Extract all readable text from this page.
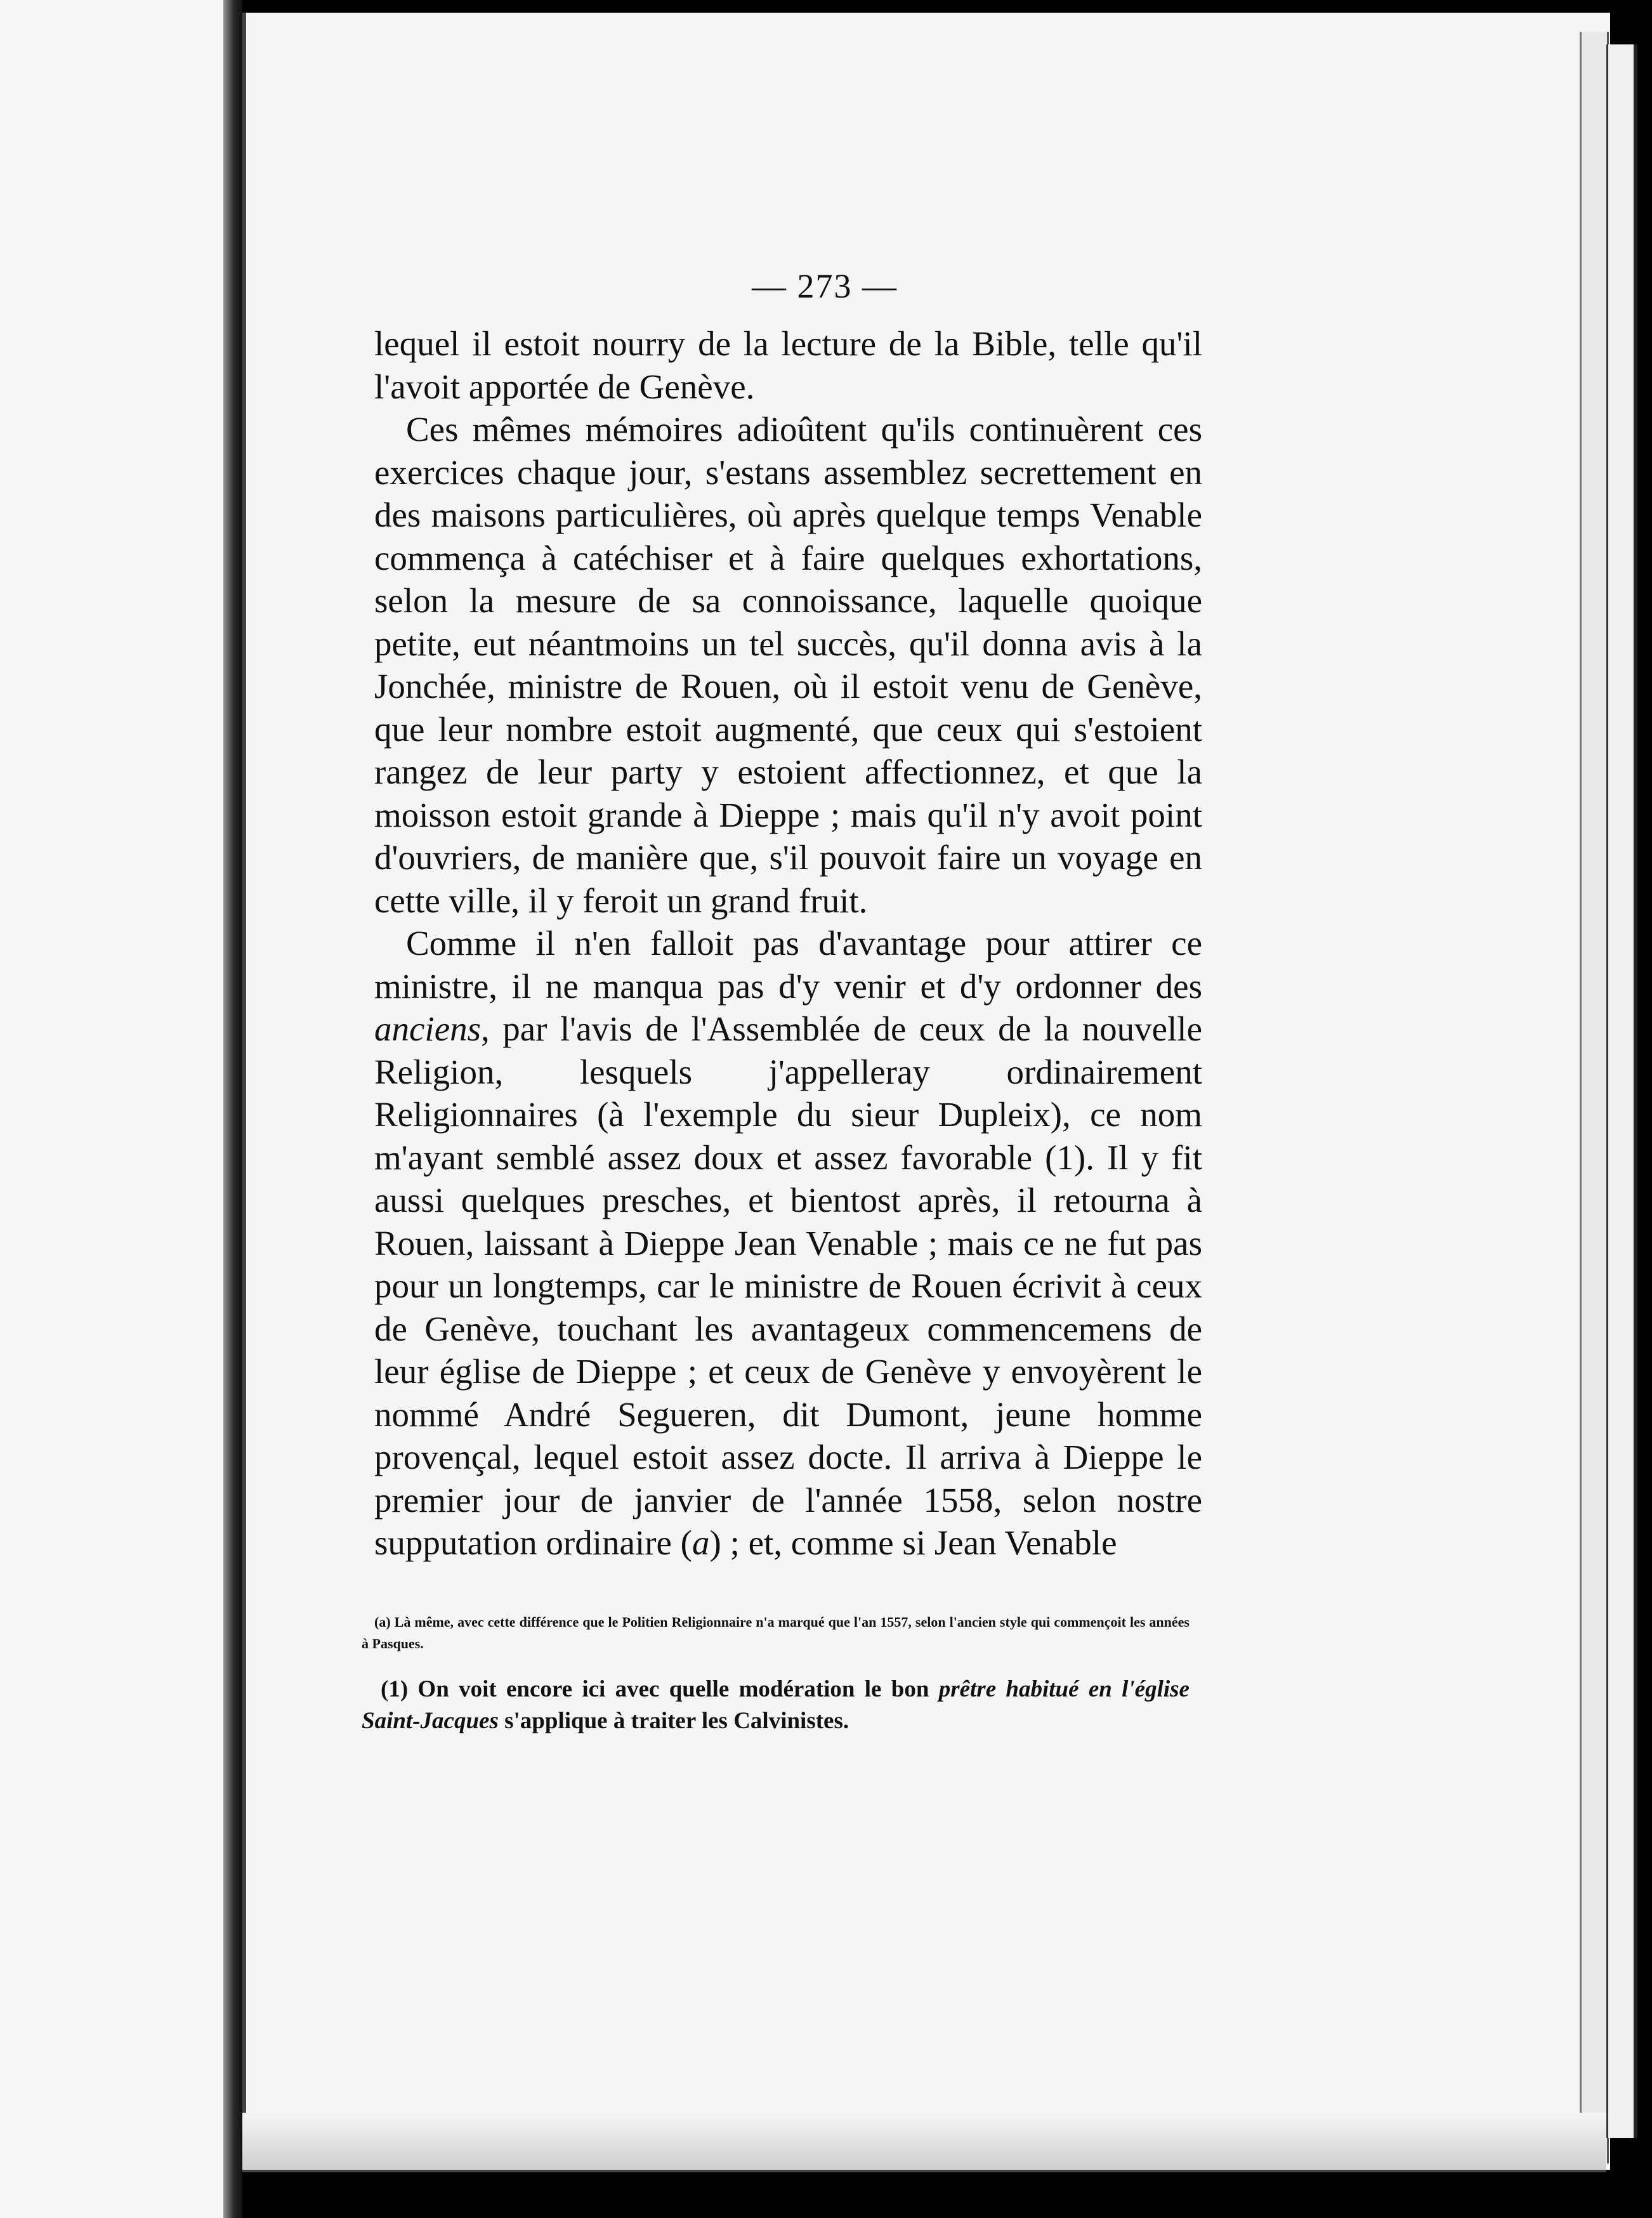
— 273 —

lequel il estoit nourry de la lecture de la Bible, telle qu'il l'avoit apportée de Genève.

Ces mêmes mémoires adioûtent qu'ils continuèrent ces exercices chaque jour, s'estans assemblez secrettement en des maisons particulières, où après quelque temps Venable commença à catéchiser et à faire quelques exhortations, selon la mesure de sa connoissance, laquelle quoique petite, eut néantmoins un tel succès, qu'il donna avis à la Jonchée, ministre de Rouen, où il estoit venu de Genève, que leur nombre estoit augmenté, que ceux qui s'estoient rangez de leur party y estoient affectionnez, et que la moisson estoit grande à Dieppe ; mais qu'il n'y avoit point d'ouvriers, de manière que, s'il pouvoit faire un voyage en cette ville, il y feroit un grand fruit.

Comme il n'en falloit pas d'avantage pour attirer ce ministre, il ne manqua pas d'y venir et d'y ordonner des anciens, par l'avis de l'Assemblée de ceux de la nouvelle Religion, lesquels j'appelleray ordinairement Religionnaires (à l'exemple du sieur Dupleix), ce nom m'ayant semblé assez doux et assez favorable (1). Il y fit aussi quelques presches, et bientost après, il retourna à Rouen, laissant à Dieppe Jean Venable ; mais ce ne fut pas pour un longtemps, car le ministre de Rouen écrivit à ceux de Genève, touchant les avantageux commencemens de leur église de Dieppe ; et ceux de Genève y envoyèrent le nommé André Segueren, dit Dumont, jeune homme provençal, lequel estoit assez docte. Il arriva à Dieppe le premier jour de janvier de l'année 1558, selon nostre supputation ordinaire (a) ; et, comme si Jean Venable

(a) Là même, avec cette différence que le Politien Religionnaire n'a marqué que l'an 1557, selon l'ancien style qui commençoit les années à Pasques.

(1) On voit encore ici avec quelle modération le bon prêtre habitué en l'église Saint-Jacques s'applique à traiter les Calvinistes.
